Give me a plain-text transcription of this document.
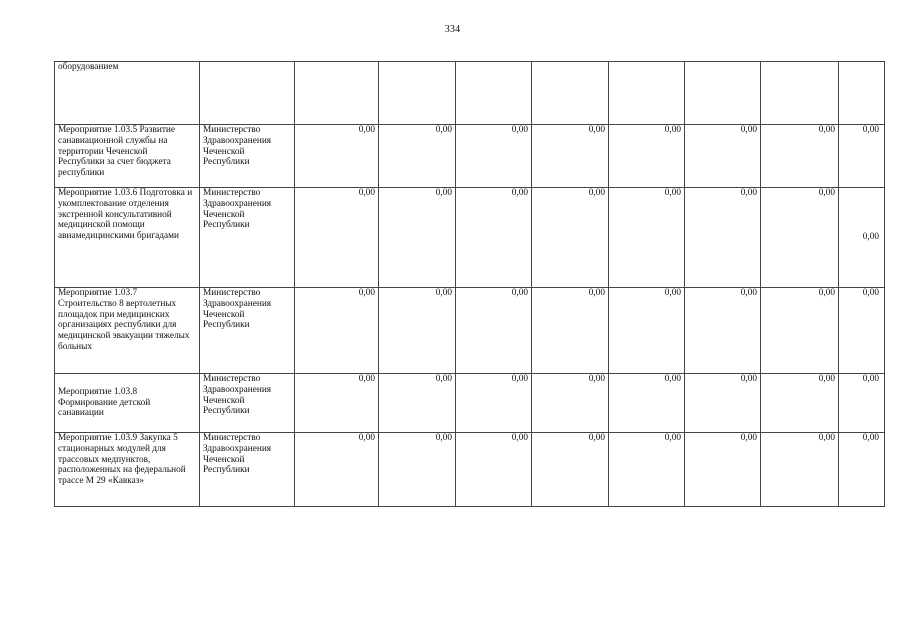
334
оборудованием									
Мероприятие 1.03.5 Развитие санавиационной службы на территории Чеченской Республики за счет бюджета республики	Министерство Здравоохранения Чеченской Республики	0,00	0,00	0,00	0,00	0,00	0,00	0,00	0,00
Мероприятие 1.03.6 Подготовка и укомплектование отделения экстренной консультативной медицинской помощи авиамедицинскими бригадами	Министерство Здравоохранения Чеченской Республики	0,00	0,00	0,00	0,00	0,00	0,00	0,00	0,00
Мероприятие 1.03.7 Строительство 8 вертолетных площадок при медицинских организациях республики для медицинской эвакуации тяжелых больных	Министерство Здравоохранения Чеченской Республики	0,00	0,00	0,00	0,00	0,00	0,00	0,00	0,00
Мероприятие 1.03.8 Формирование детской санавиации	Министерство Здравоохранения Чеченской Республики	0,00	0,00	0,00	0,00	0,00	0,00	0,00	0,00
Мероприятие 1.03.9 Закупка 5 стационарных модулей для трассовых медпунктов, расположенных на федеральной трассе М 29 «Кавказ»	Министерство Здравоохранения Чеченской Республики	0,00	0,00	0,00	0,00	0,00	0,00	0,00	0,00
